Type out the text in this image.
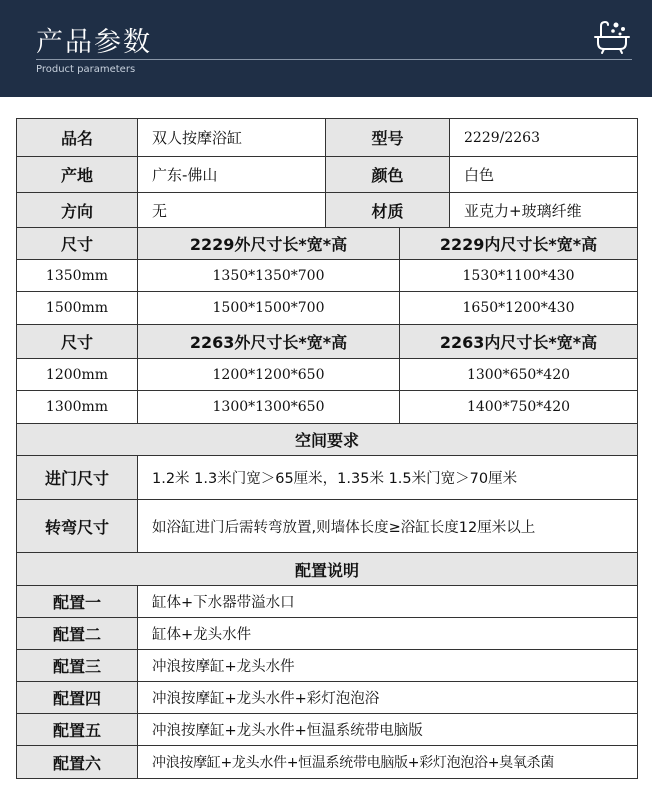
产品参数
Product parameters
品名	双人按摩浴缸	型号	2229/2263
产地	广东-佛山	颜色	白色
方向	无	材质	亚克力+玻璃纤维
尺寸	2229外尺寸长*宽*高	2229内尺寸长*宽*高
1350mm	1350*1350*700	1530*1100*430
1500mm	1500*1500*700	1650*1200*430
尺寸	2263外尺寸长*宽*高	2263内尺寸长*宽*高
1200mm	1200*1200*650	1300*650*420
1300mm	1300*1300*650	1400*750*420
空间要求
进门尺寸	1.2米 1.3米门宽＞65厘米，1.35米 1.5米门宽＞70厘米
转弯尺寸	如浴缸进门后需转弯放置,则墙体长度≥浴缸长度12厘米以上
配置说明
配置一	缸体+下水器带溢水口
配置二	缸体+龙头水件
配置三	冲浪按摩缸+龙头水件
配置四	冲浪按摩缸+龙头水件+彩灯泡泡浴
配置五	冲浪按摩缸+龙头水件+恒温系统带电脑版
配置六	冲浪按摩缸+龙头水件+恒温系统带电脑版+彩灯泡泡浴+臭氧杀菌
